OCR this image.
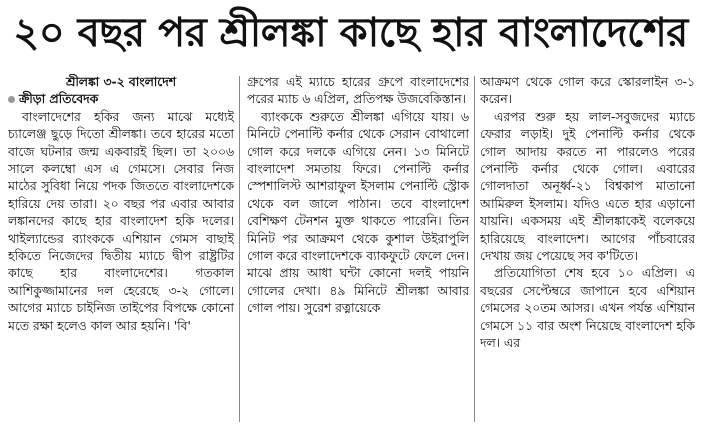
২০ বছর পর শ্রীলঙ্কা কাছে হার বাংলাদেশের

শ্রীলঙ্কা ৩-২ বাংলাদেশ

ক্রীড়া প্রতিবেদক

বাংলাদেশের হকির জন্য মাঝে মধ্যেই চ্যালেঞ্জ ছুড়ে দিতো শ্রীলঙ্কা। তবে হারের মতো বাজে ঘটনার জন্ম একবারই ছিল। তা ২০০৬ সালে কলম্বো এস এ গেমসে। সেবার নিজ মাঠের সুবিধা নিয়ে পদক জিততে বাংলাদেশকে হারিয়ে দেয় তারা। ২০ বছর পর এবার আবার লঙ্কানদের কাছে হার বাংলাদেশ হকি দলের। থাইল্যান্ডের ব্যাংককে এশিয়ান গেমস বাছাই হকিতে নিজেদের দ্বিতীয় ম্যাচে দ্বীপ রাষ্ট্রটির কাছে হার বাংলাদেশের। গতকাল আশিকুজ্জামানের দল হেরেছে ৩-২ গোলে। আগের ম্যাচে চাইনিজ তাইপের বিপক্ষে কোনো মতে রক্ষা হলেও কাল আর হয়নি। 'বি'

গ্রুপের এই ম্যাচে হারের গ্রুপে বাংলাদেশের পরের ম্যাচ ৬ এপ্রিল, প্রতিপক্ষ উজবেকিস্তান।

ব্যাংককে শুরুতে শ্রীলঙ্কা এগিয়ে যায়। ৬ মিনিটে পেনাল্টি কর্নার থেকে সেরান বোথালো গোল করে দলকে এগিয়ে নেন। ১৩ মিনিটে বাংলাদেশ সমতায় ফিরে। পেনাল্টি কর্নার স্পেশালিস্ট আশরাফুল ইসলাম পেনাল্টি স্ট্রোক থেকে বল জালে পাঠান। তবে বাংলাদেশ বেশিক্ষণ টেনশন মুক্ত থাকতে পারেনি। তিন মিনিট পর আক্রমণ থেকে কুশাল উইরাপুলি গোল করে বাংলাদেশকে ব্যাকফুটে ফেলে দেন। মাঝে প্রায় আধা ঘন্টা কোনো দলই পায়নি গোলের দেখা। ৪৯ মিনিটে শ্রীলঙ্কা আবার গোল পায়। সুরেশ রত্নায়েকে

আক্রমণ থেকে গোল করে স্কোরলাইন ৩-১ করেন।

এরপর শুরু হয় লাল-সবুজদের ম্যাচে ফেরার লড়াই। দুই পেনাল্টি কর্নার থেকে গোল আদায় করতে না পারলেও পরের পেনাল্টি কর্নার থেকে গোল। এবারের গোলদাতা অনূর্ধ্ব-২১ বিশ্বকাপ মাতানো আমিরুল ইসলাম। যদিও এতে হার এড়ানো যায়নি। একসময় এই শ্রীলঙ্কাকেই বলেকয়ে হারিয়েছে বাংলাদেশ। আগের পাঁচবারের দেখায় জয় পেয়েছে সব ক'টিতে।

প্রতিযোগিতা শেষ হবে ১০ এপ্রিল। এ বছরের সেপ্টেম্বরে জাপানে হবে এশিয়ান গেমসের ২০তম আসর। এখন পর্যন্ত এশিয়ান গেমসে ১১ বার অংশ নিয়েছে বাংলাদেশ হকি দল। এর
